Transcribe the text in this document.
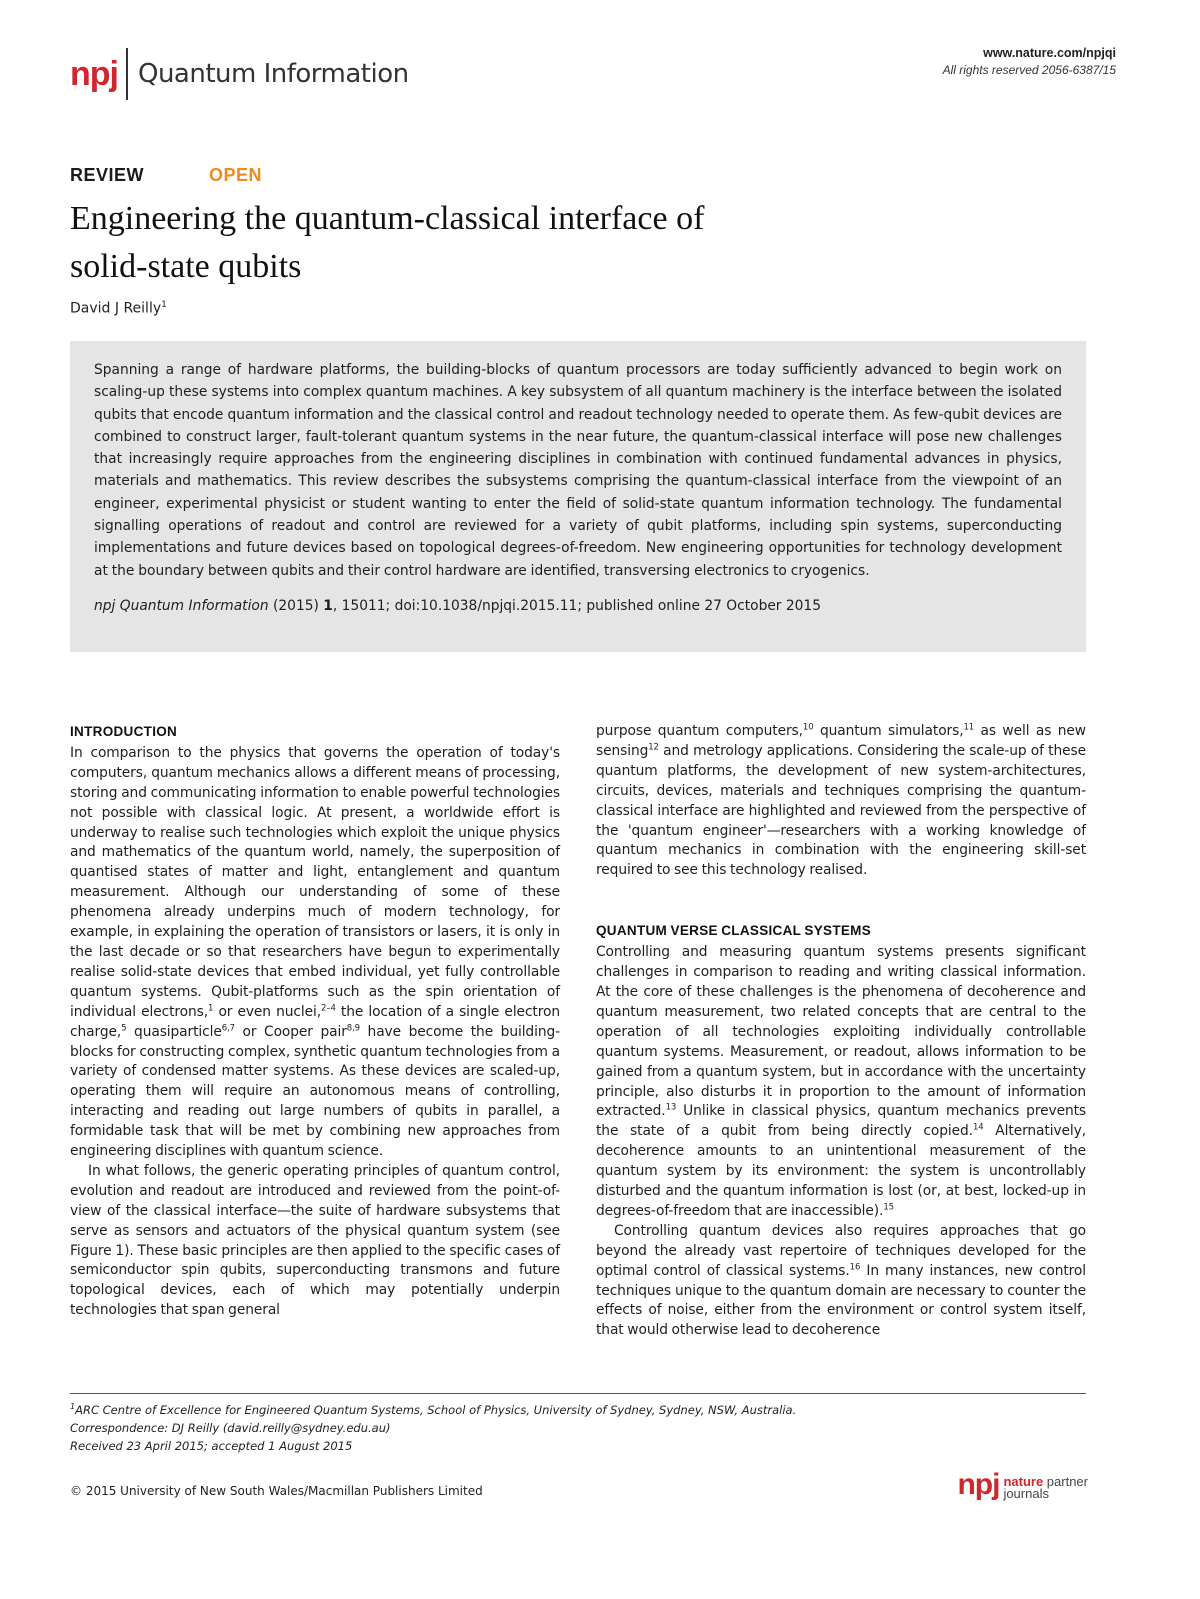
npj Quantum Information
www.nature.com/npjqi
All rights reserved 2056-6387/15
REVIEW	OPEN
Engineering the quantum-classical interface of
solid-state qubits
David J Reilly$^1$
Spanning a range of hardware platforms, the building-blocks of quantum processors are today sufficiently advanced to begin work on scaling-up these systems into complex quantum machines. A key subsystem of all quantum machinery is the interface between the isolated qubits that encode quantum information and the classical control and readout technology needed to operate them. As few-qubit devices are combined to construct larger, fault-tolerant quantum systems in the near future, the quantum-classical interface will pose new challenges that increasingly require approaches from the engineering disciplines in combination with continued fundamental advances in physics, materials and mathematics. This review describes the subsystems comprising the quantum-classical interface from the viewpoint of an engineer, experimental physicist or student wanting to enter the field of solid-state quantum information technology. The fundamental signalling operations of readout and control are reviewed for a variety of qubit platforms, including spin systems, superconducting implementations and future devices based on topological degrees-of-freedom. New engineering opportunities for technology development at the boundary between qubits and their control hardware are identified, transversing electronics to cryogenics.
npj Quantum Information (2015) 1, 15011; doi:10.1038/npjqi.2015.11; published online 27 October 2015
INTRODUCTION

In comparison to the physics that governs the operation of today's computers, quantum mechanics allows a different means of processing, storing and communicating information to enable powerful technologies not possible with classical logic. At present, a worldwide effort is underway to realise such technologies which exploit the unique physics and mathematics of the quantum world, namely, the superposition of quantised states of matter and light, entanglement and quantum measurement. Although our understanding of some of these phenomena already underpins much of modern technology, for example, in explaining the operation of transistors or lasers, it is only in the last decade or so that researchers have begun to experimentally realise solid-state devices that embed individual, yet fully controllable quantum systems. Qubit-platforms such as the spin orientation of individual electrons,$^1$ or even nuclei,$^{2-4}$ the location of a single electron charge,$^5$ quasiparticle$^{6,7}$ or Cooper pair$^{8,9}$ have become the building-blocks for constructing complex, synthetic quantum technologies from a variety of condensed matter systems. As these devices are scaled-up, operating them will require an autonomous means of controlling, interacting and reading out large numbers of qubits in parallel, a formidable task that will be met by combining new approaches from engineering disciplines with quantum science.

In what follows, the generic operating principles of quantum control, evolution and readout are introduced and reviewed from the point-of-view of the classical interface—the suite of hardware subsystems that serve as sensors and actuators of the physical quantum system (see Figure 1). These basic principles are then applied to the specific cases of semiconductor spin qubits, superconducting transmons and future topological devices, each of which may potentially underpin technologies that span general

purpose quantum computers,$^{10}$ quantum simulators,$^{11}$ as well as new sensing$^{12}$ and metrology applications. Considering the scale-up of these quantum platforms, the development of new system-architectures, circuits, devices, materials and techniques comprising the quantum-classical interface are highlighted and reviewed from the perspective of the 'quantum engineer'—researchers with a working knowledge of quantum mechanics in combination with the engineering skill-set required to see this technology realised.

QUANTUM VERSE CLASSICAL SYSTEMS

Controlling and measuring quantum systems presents significant challenges in comparison to reading and writing classical information. At the core of these challenges is the phenomena of decoherence and quantum measurement, two related concepts that are central to the operation of all technologies exploiting individually controllable quantum systems. Measurement, or readout, allows information to be gained from a quantum system, but in accordance with the uncertainty principle, also disturbs it in proportion to the amount of information extracted.$^{13}$ Unlike in classical physics, quantum mechanics prevents the state of a qubit from being directly copied.$^{14}$ Alternatively, decoherence amounts to an unintentional measurement of the quantum system by its environment: the system is uncontrollably disturbed and the quantum information is lost (or, at best, locked-up in degrees-of-freedom that are inaccessible).$^{15}$

Controlling quantum devices also requires approaches that go beyond the already vast repertoire of techniques developed for the optimal control of classical systems.$^{16}$ In many instances, new control techniques unique to the quantum domain are necessary to counter the effects of noise, either from the environment or control system itself, that would otherwise lead to decoherence

$^1$ARC Centre of Excellence for Engineered Quantum Systems, School of Physics, University of Sydney, Sydney, NSW, Australia.
Correspondence: DJ Reilly (david.reilly@sydney.edu.au)
Received 23 April 2015; accepted 1 August 2015
© 2015 University of New South Wales/Macmillan Publishers Limited	npj nature partner
journals
